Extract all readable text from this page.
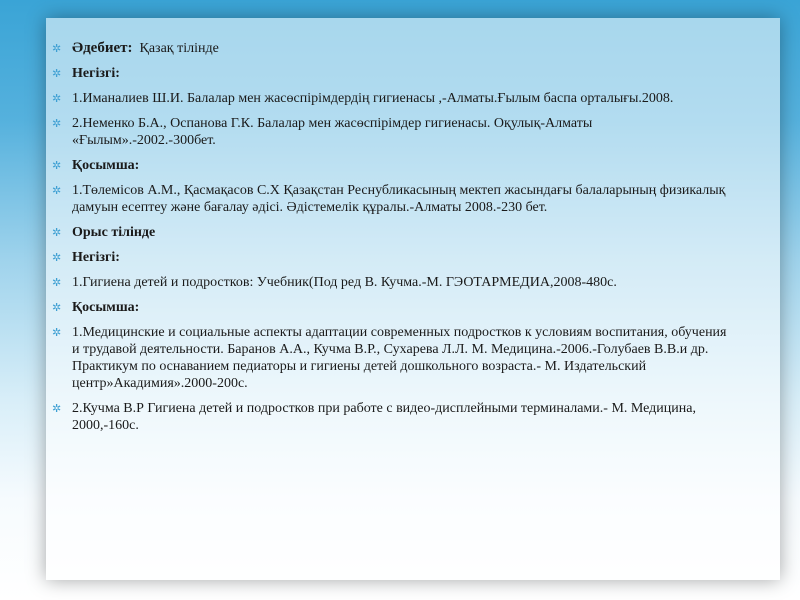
✲ Әдебиет: Қазақ тілінде
✲ Негізгі:
✲ 1.Иманалиев Ш.И. Балалар мен жасөспірімдердің гигиенасы ,-Алматы.Ғылым баспа орталығы.2008.
✲ 2.Неменко Б.А., Оспанова Г.К. Балалар мен жасөспірімдер гигиенасы. Оқулық-Алматы «Ғылым».-2002.-300бет.
✲ Қосымша:
✲ 1.Төлемісов А.М., Қасмақасов С.Х Қазақстан Реснубликасының мектеп жасындағы балаларының физикалық дамуын есептеу және бағалау әдісі. Әдістемелік құралы.-Алматы 2008.-230 бет.
✲ Орыс тілінде
✲ Негізгі:
✲ 1.Гигиена детей и подростков: Учебник(Под ред В. Кучма.-М. ГЭОТАРМЕДИА,2008-480с.
✲ Қосымша:
✲ 1.Медицинские и социальные аспекты адаптации современных подростков к условиям воспитания, обучения и трудавой деятельности. Баранов А.А., Кучма В.Р., Сухарева Л.Л. М. Медицина.-2006.-Голубаев В.В.и др. Практикум по оснаванием педиаторы и гигиены детей дошкольного возраста.- М. Издательский центр»Акадимия».2000-200с.
✲ 2.Кучма В.Р Гигиена детей и подростков при работе с видео-дисплейными терминалами.- М. Медицина, 2000,-160с.
